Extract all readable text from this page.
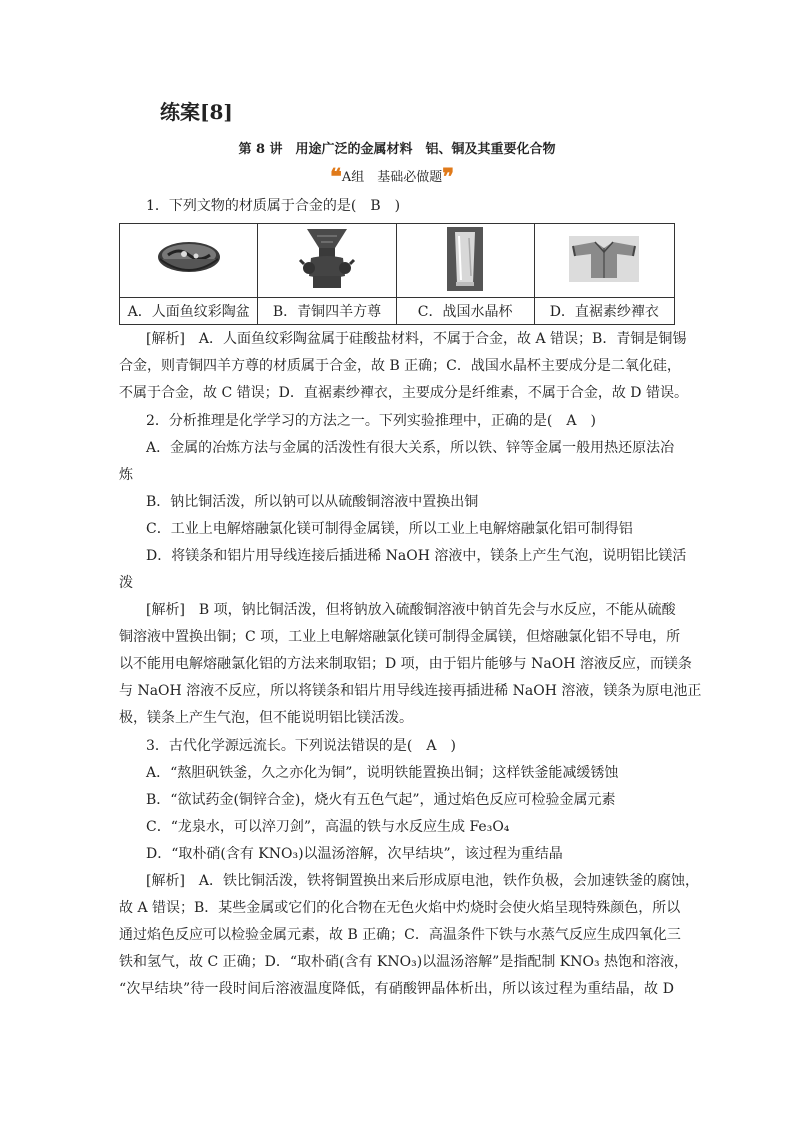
练案[8]
第 8 讲　用途广泛的金属材料　铝、铜及其重要化合物
❝A组　基础必做题❞
1．下列文物的材质属于合金的是(　B　)

A．人面鱼纹彩陶盆	B．青铜四羊方尊	C．战国水晶杯	D．直裾素纱襌衣
[解析]　A．人面鱼纹彩陶盆属于硅酸盐材料，不属于合金，故 A 错误；B．青铜是铜锡
合金，则青铜四羊方尊的材质属于合金，故 B 正确；C．战国水晶杯主要成分是二氧化硅，
不属于合金，故 C 错误；D．直裾素纱襌衣，主要成分是纤维素，不属于合金，故 D 错误。
2．分析推理是化学学习的方法之一。下列实验推理中，正确的是(　A　)
A．金属的冶炼方法与金属的活泼性有很大关系，所以铁、锌等金属一般用热还原法冶
炼
B．钠比铜活泼，所以钠可以从硫酸铜溶液中置换出铜
C．工业上电解熔融氯化镁可制得金属镁，所以工业上电解熔融氯化铝可制得铝
D．将镁条和铝片用导线连接后插进稀 NaOH 溶液中，镁条上产生气泡，说明铝比镁活
泼
[解析]　B 项，钠比铜活泼，但将钠放入硫酸铜溶液中钠首先会与水反应，不能从硫酸
铜溶液中置换出铜；C 项，工业上电解熔融氯化镁可制得金属镁，但熔融氯化铝不导电，所
以不能用电解熔融氯化铝的方法来制取铝；D 项，由于铝片能够与 NaOH 溶液反应，而镁条
与 NaOH 溶液不反应，所以将镁条和铝片用导线连接再插进稀 NaOH 溶液，镁条为原电池正
极，镁条上产生气泡，但不能说明铝比镁活泼。
3．古代化学源远流长。下列说法错误的是(　A　)
A．“熬胆矾铁釜，久之亦化为铜”，说明铁能置换出铜；这样铁釜能减缓锈蚀
B．“欲试药金(铜锌合金)，烧火有五色气起”，通过焰色反应可检验金属元素
C．“龙泉水，可以淬刀剑”，高温的铁与水反应生成 Fe₃O₄
D．“取朴硝(含有 KNO₃)以温汤溶解，次早结块”，该过程为重结晶
[解析]　A．铁比铜活泼，铁将铜置换出来后形成原电池，铁作负极，会加速铁釜的腐蚀，
故 A 错误；B．某些金属或它们的化合物在无色火焰中灼烧时会使火焰呈现特殊颜色，所以
通过焰色反应可以检验金属元素，故 B 正确；C．高温条件下铁与水蒸气反应生成四氧化三
铁和氢气，故 C 正确；D．“取朴硝(含有 KNO₃)以温汤溶解”是指配制 KNO₃ 热饱和溶液，
“次早结块”待一段时间后溶液温度降低，有硝酸钾晶体析出，所以该过程为重结晶，故 D
